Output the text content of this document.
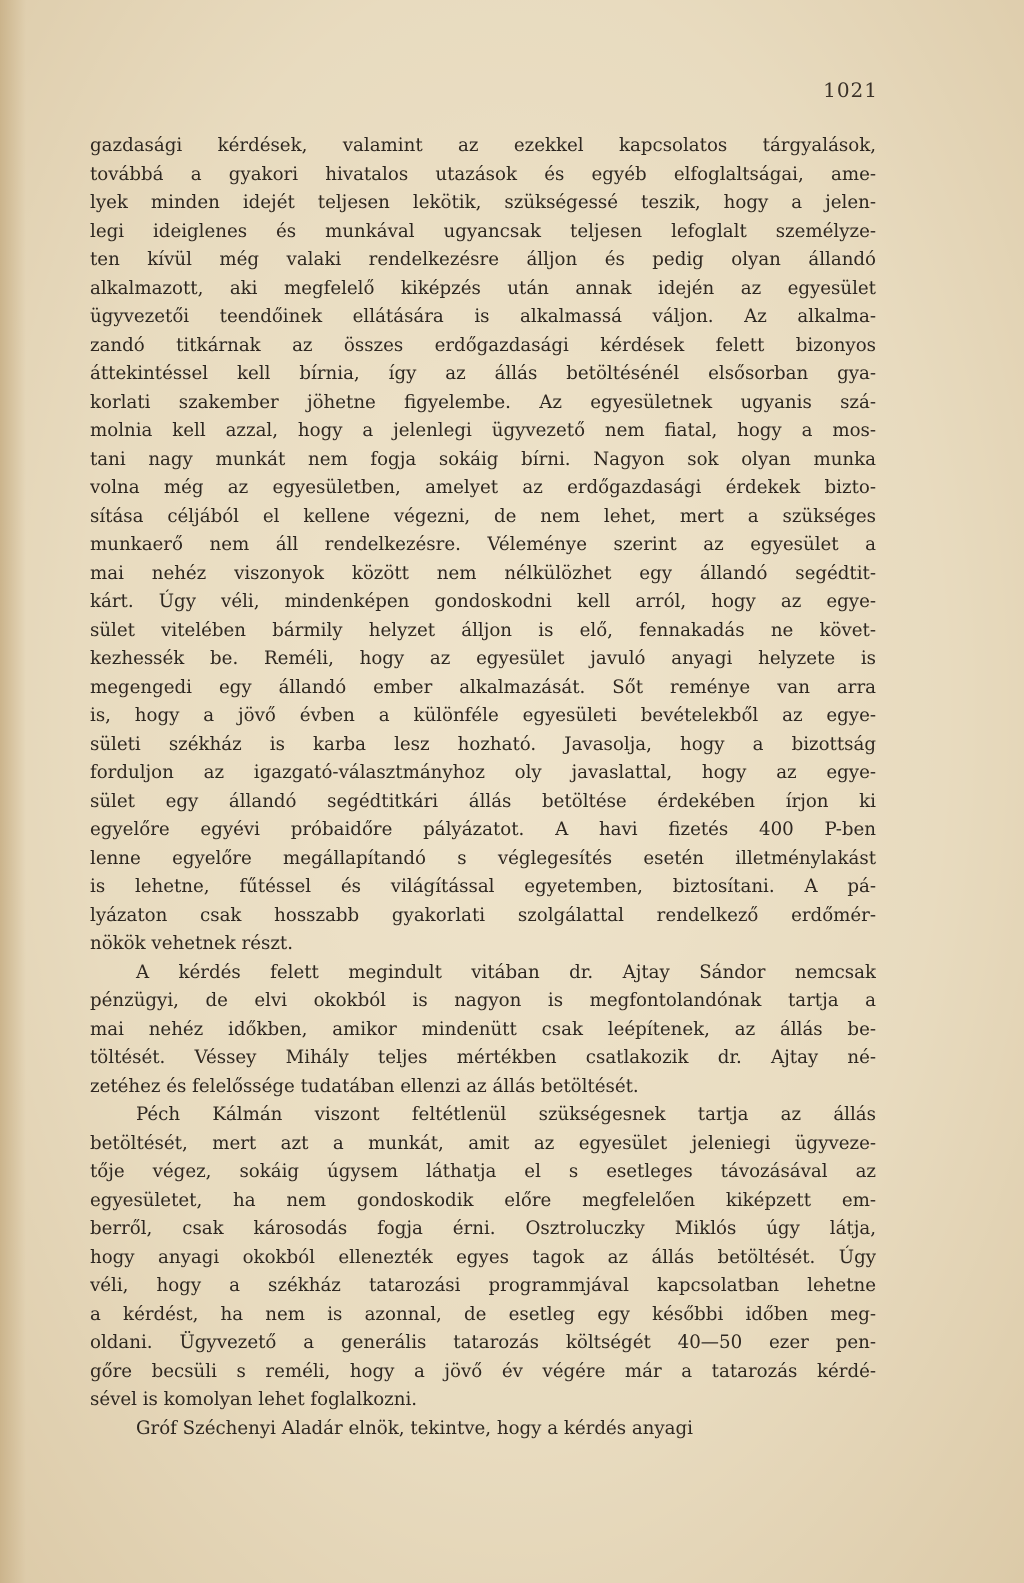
1021
gazdasági kérdések, valamint az ezekkel kapcsolatos tárgyalások,
továbbá a gyakori hivatalos utazások és egyéb elfoglaltságai, ame-
lyek minden idejét teljesen lekötik, szükségessé teszik, hogy a jelen-
legi ideiglenes és munkával ugyancsak teljesen lefoglalt személyze-
ten kívül még valaki rendelkezésre álljon és pedig olyan állandó
alkalmazott, aki megfelelő kiképzés után annak idején az egyesület
ügyvezetői teendőinek ellátására is alkalmassá váljon. Az alkalma-
zandó titkárnak az összes erdőgazdasági kérdések felett bizonyos
áttekintéssel kell bírnia, így az állás betöltésénél elsősorban gya-
korlati szakember jöhetne figyelembe. Az egyesületnek ugyanis szá-
molnia kell azzal, hogy a jelenlegi ügyvezető nem fiatal, hogy a mos-
tani nagy munkát nem fogja sokáig bírni. Nagyon sok olyan munka
volna még az egyesületben, amelyet az erdőgazdasági érdekek bizto-
sítása céljából el kellene végezni, de nem lehet, mert a szükséges
munkaerő nem áll rendelkezésre. Véleménye szerint az egyesület a
mai nehéz viszonyok között nem nélkülözhet egy állandó segédtit-
kárt. Úgy véli, mindenképen gondoskodni kell arról, hogy az egye-
sület vitelében bármily helyzet álljon is elő, fennakadás ne követ-
kezhessék be. Reméli, hogy az egyesület javuló anyagi helyzete is
megengedi egy állandó ember alkalmazását. Sőt reménye van arra
is, hogy a jövő évben a különféle egyesületi bevételekből az egye-
sületi székház is karba lesz hozható. Javasolja, hogy a bizottság
forduljon az igazgató-választmányhoz oly javaslattal, hogy az egye-
sület egy állandó segédtitkári állás betöltése érdekében írjon ki
egyelőre egyévi próbaidőre pályázatot. A havi fizetés 400 P-ben
lenne egyelőre megállapítandó s véglegesítés esetén illetménylakást
is lehetne, fűtéssel és világítással egyetemben, biztosítani. A pá-
lyázaton csak hosszabb gyakorlati szolgálattal rendelkező erdőmér-
nökök vehetnek részt.
A kérdés felett megindult vitában dr. Ajtay Sándor nemcsak
pénzügyi, de elvi okokból is nagyon is megfontolandónak tartja a
mai nehéz időkben, amikor mindenütt csak leépítenek, az állás be-
töltését. Véssey Mihály teljes mértékben csatlakozik dr. Ajtay né-
zetéhez és felelőssége tudatában ellenzi az állás betöltését.
Péch Kálmán viszont feltétlenül szükségesnek tartja az állás
betöltését, mert azt a munkát, amit az egyesület jeleniegi ügyveze-
tője végez, sokáig úgysem láthatja el s esetleges távozásával az
egyesületet, ha nem gondoskodik előre megfelelően kiképzett em-
berről, csak károsodás fogja érni. Osztroluczky Miklós úgy látja,
hogy anyagi okokból ellenezték egyes tagok az állás betöltését. Úgy
véli, hogy a székház tatarozási programmjával kapcsolatban lehetne
a kérdést, ha nem is azonnal, de esetleg egy későbbi időben meg-
oldani. Ügyvezető a generális tatarozás költségét 40—50 ezer pen-
gőre becsüli s reméli, hogy a jövő év végére már a tatarozás kérdé-
sével is komolyan lehet foglalkozni.
Gróf Széchenyi Aladár elnök, tekintve, hogy a kérdés anyagi
